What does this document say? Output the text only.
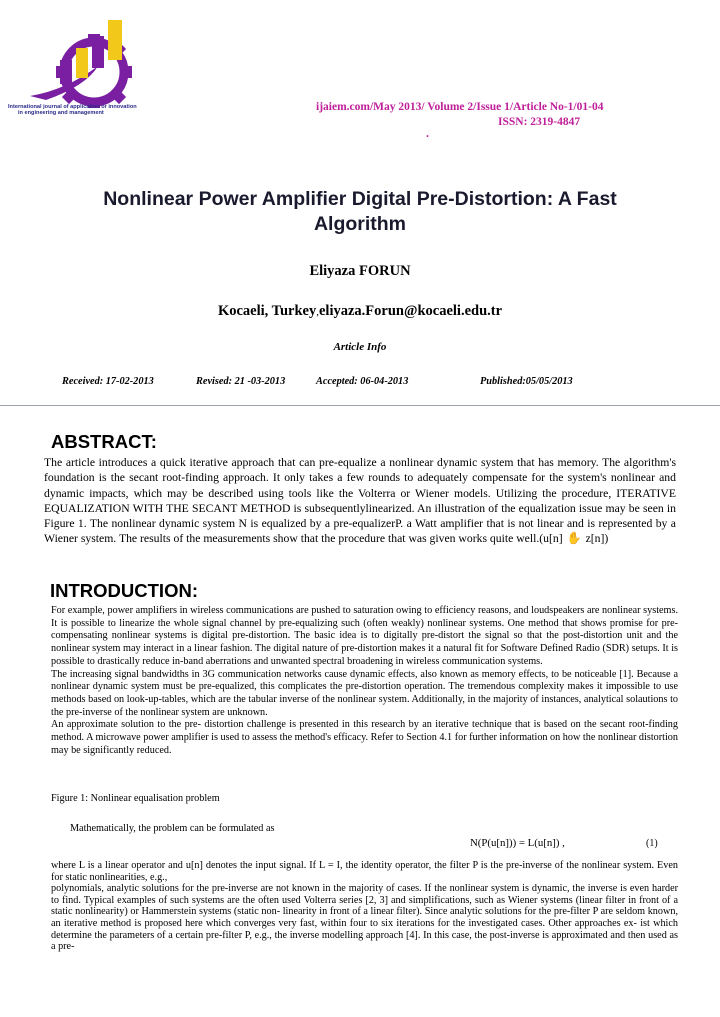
International journal of application or innovation
in engineering and management	ijaiem.com/May 2013/ Volume 2/Issue 1/Article No-1/01-04
ISSN: 2319-4847
.
Nonlinear Power Amplifier Digital Pre-Distortion: A Fast
Algorithm
Eliyaza FORUN
Kocaeli, Turkey,eliyaza.Forun@kocaeli.edu.tr
Article Info
Received: 17-02-2013	Revised: 21 -03-2013	Accepted: 06-04-2013	Published:05/05/2013
ABSTRACT:
The article introduces a quick iterative approach that can pre-equalize a nonlinear dynamic system that has memory. The algorithm's foundation is the secant root-finding approach. It only takes a few rounds to adequately compensate for the system's nonlinear and dynamic impacts, which may be described using tools like the Volterra or Wiener models. Utilizing the procedure, ITERATIVE EQUALIZATION WITH THE SECANT METHOD is subsequentlylinearized. An illustration of the equalization issue may be seen in Figure 1. The nonlinear dynamic system N is equalized by a pre-equalizerP. a Watt amplifier that is not linear and is represented by a Wiener system. The results of the measurements show that the procedure that was given works quite well.(u[n] ✋ z[n])
INTRODUCTION:

For example, power amplifiers in wireless communications are pushed to saturation owing to efficiency reasons, and loudspeakers are nonlinear systems. It is possible to linearize the whole signal channel by pre-equalizing such (often weakly) nonlinear systems. One method that shows promise for pre-compensating nonlinear systems is digital pre-distortion. The basic idea is to digitally pre-distort the signal so that the post-distortion unit and the nonlinear system may interact in a linear fashion. The digital nature of pre-distortion makes it a natural fit for Software Defined Radio (SDR) setups. It is possible to drastically reduce in-band aberrations and unwanted spectral broadening in wireless communication systems.

The increasing signal bandwidths in 3G communication networks cause dynamic effects, also known as memory effects, to be noticeable [1]. Because a nonlinear dynamic system must be pre-equalized, this complicates the pre-distortion operation. The tremendous complexity makes it impossible to use methods based on look-up-tables, which are the tabular inverse of the nonlinear system. Additionally, in the majority of instances, analytical solautions to the pre-inverse of the nonlinear system are unknown.

An approximate solution to the pre- distortion challenge is presented in this research by an iterative technique that is based on the secant root-finding method. A microwave power amplifier is used to assess the method's efficacy. Refer to Section 4.1 for further information on how the nonlinear distortion may be significantly reduced.

Figure 1: Nonlinear equalisation problem
Mathematically, the problem can be formulated as
N(P(u[n])) = L(u[n]) ,	(1)

where L is a linear operator and u[n] denotes the input signal. If L = I, the identity operator, the filter P is the pre-inverse of the nonlinear system. Even for static nonlinearities, e.g.,

polynomials, analytic solutions for the pre-inverse are not known in the majority of cases. If the nonlinear system is dynamic, the inverse is even harder to find. Typical examples of such systems are the often used Volterra series [2, 3] and simplifications, such as Wiener systems (linear filter in front of a static nonlinearity) or Hammerstein systems (static non- linearity in front of a linear filter). Since analytic solutions for the pre-filter P are seldom known, an iterative method is proposed here which converges very fast, within four to six iterations for the investigated cases. Other approaches ex- ist which determine the parameters of a certain pre-filter P, e.g., the inverse modelling approach [4]. In this case, the post-inverse is approximated and then used as a pre-
